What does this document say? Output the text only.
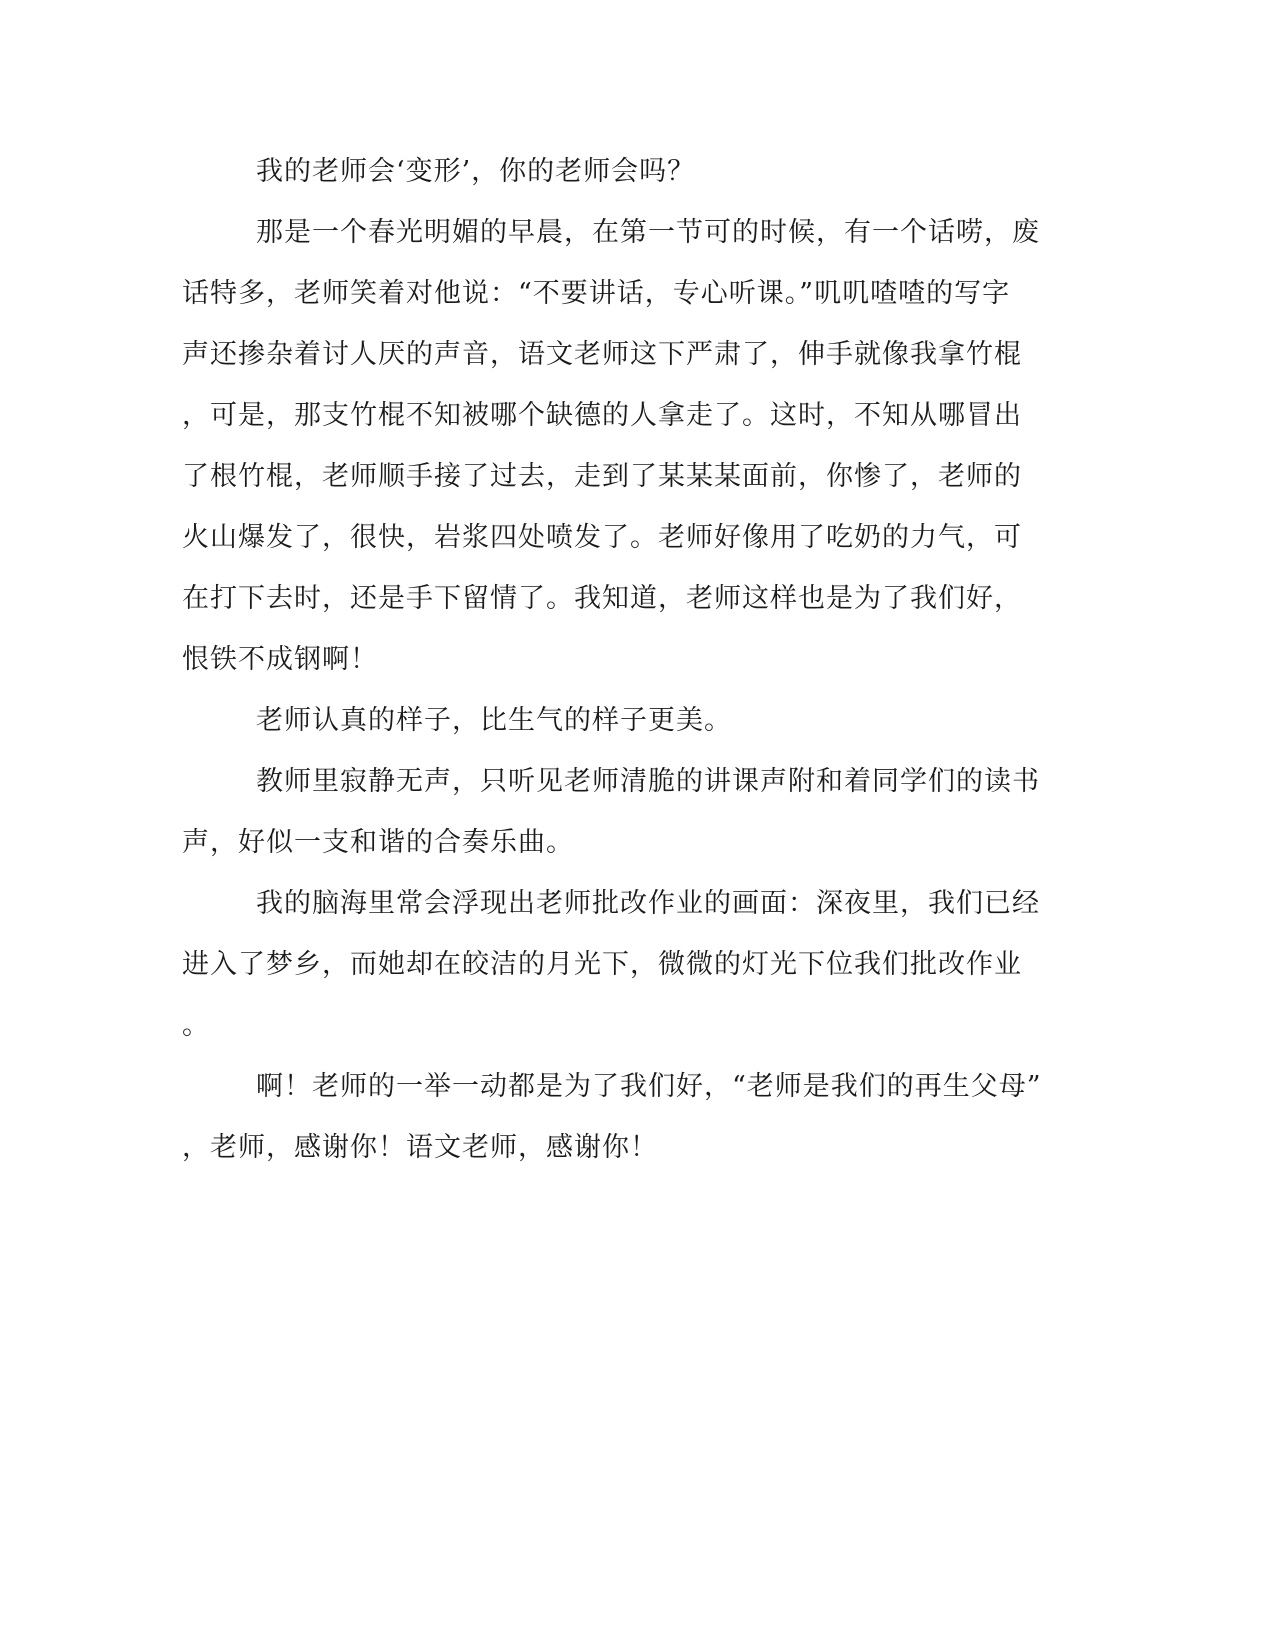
我的老师会‘变形’，你的老师会吗？
那是一个春光明媚的早晨，在第一节可的时候，有一个话唠，废
话特多，老师笑着对他说：“不要讲话，专心听课。”叽叽喳喳的写字
声还掺杂着讨人厌的声音，语文老师这下严肃了，伸手就像我拿竹棍
，可是，那支竹棍不知被哪个缺德的人拿走了。这时，不知从哪冒出
了根竹棍，老师顺手接了过去，走到了某某某面前，你惨了，老师的
火山爆发了，很快，岩浆四处喷发了。老师好像用了吃奶的力气，可
在打下去时，还是手下留情了。我知道，老师这样也是为了我们好，
恨铁不成钢啊！
老师认真的样子，比生气的样子更美。
教师里寂静无声，只听见老师清脆的讲课声附和着同学们的读书
声，好似一支和谐的合奏乐曲。
我的脑海里常会浮现出老师批改作业的画面：深夜里，我们已经
进入了梦乡，而她却在皎洁的月光下，微微的灯光下位我们批改作业
。
啊！老师的一举一动都是为了我们好，“老师是我们的再生父母”
，老师，感谢你！语文老师，感谢你！
